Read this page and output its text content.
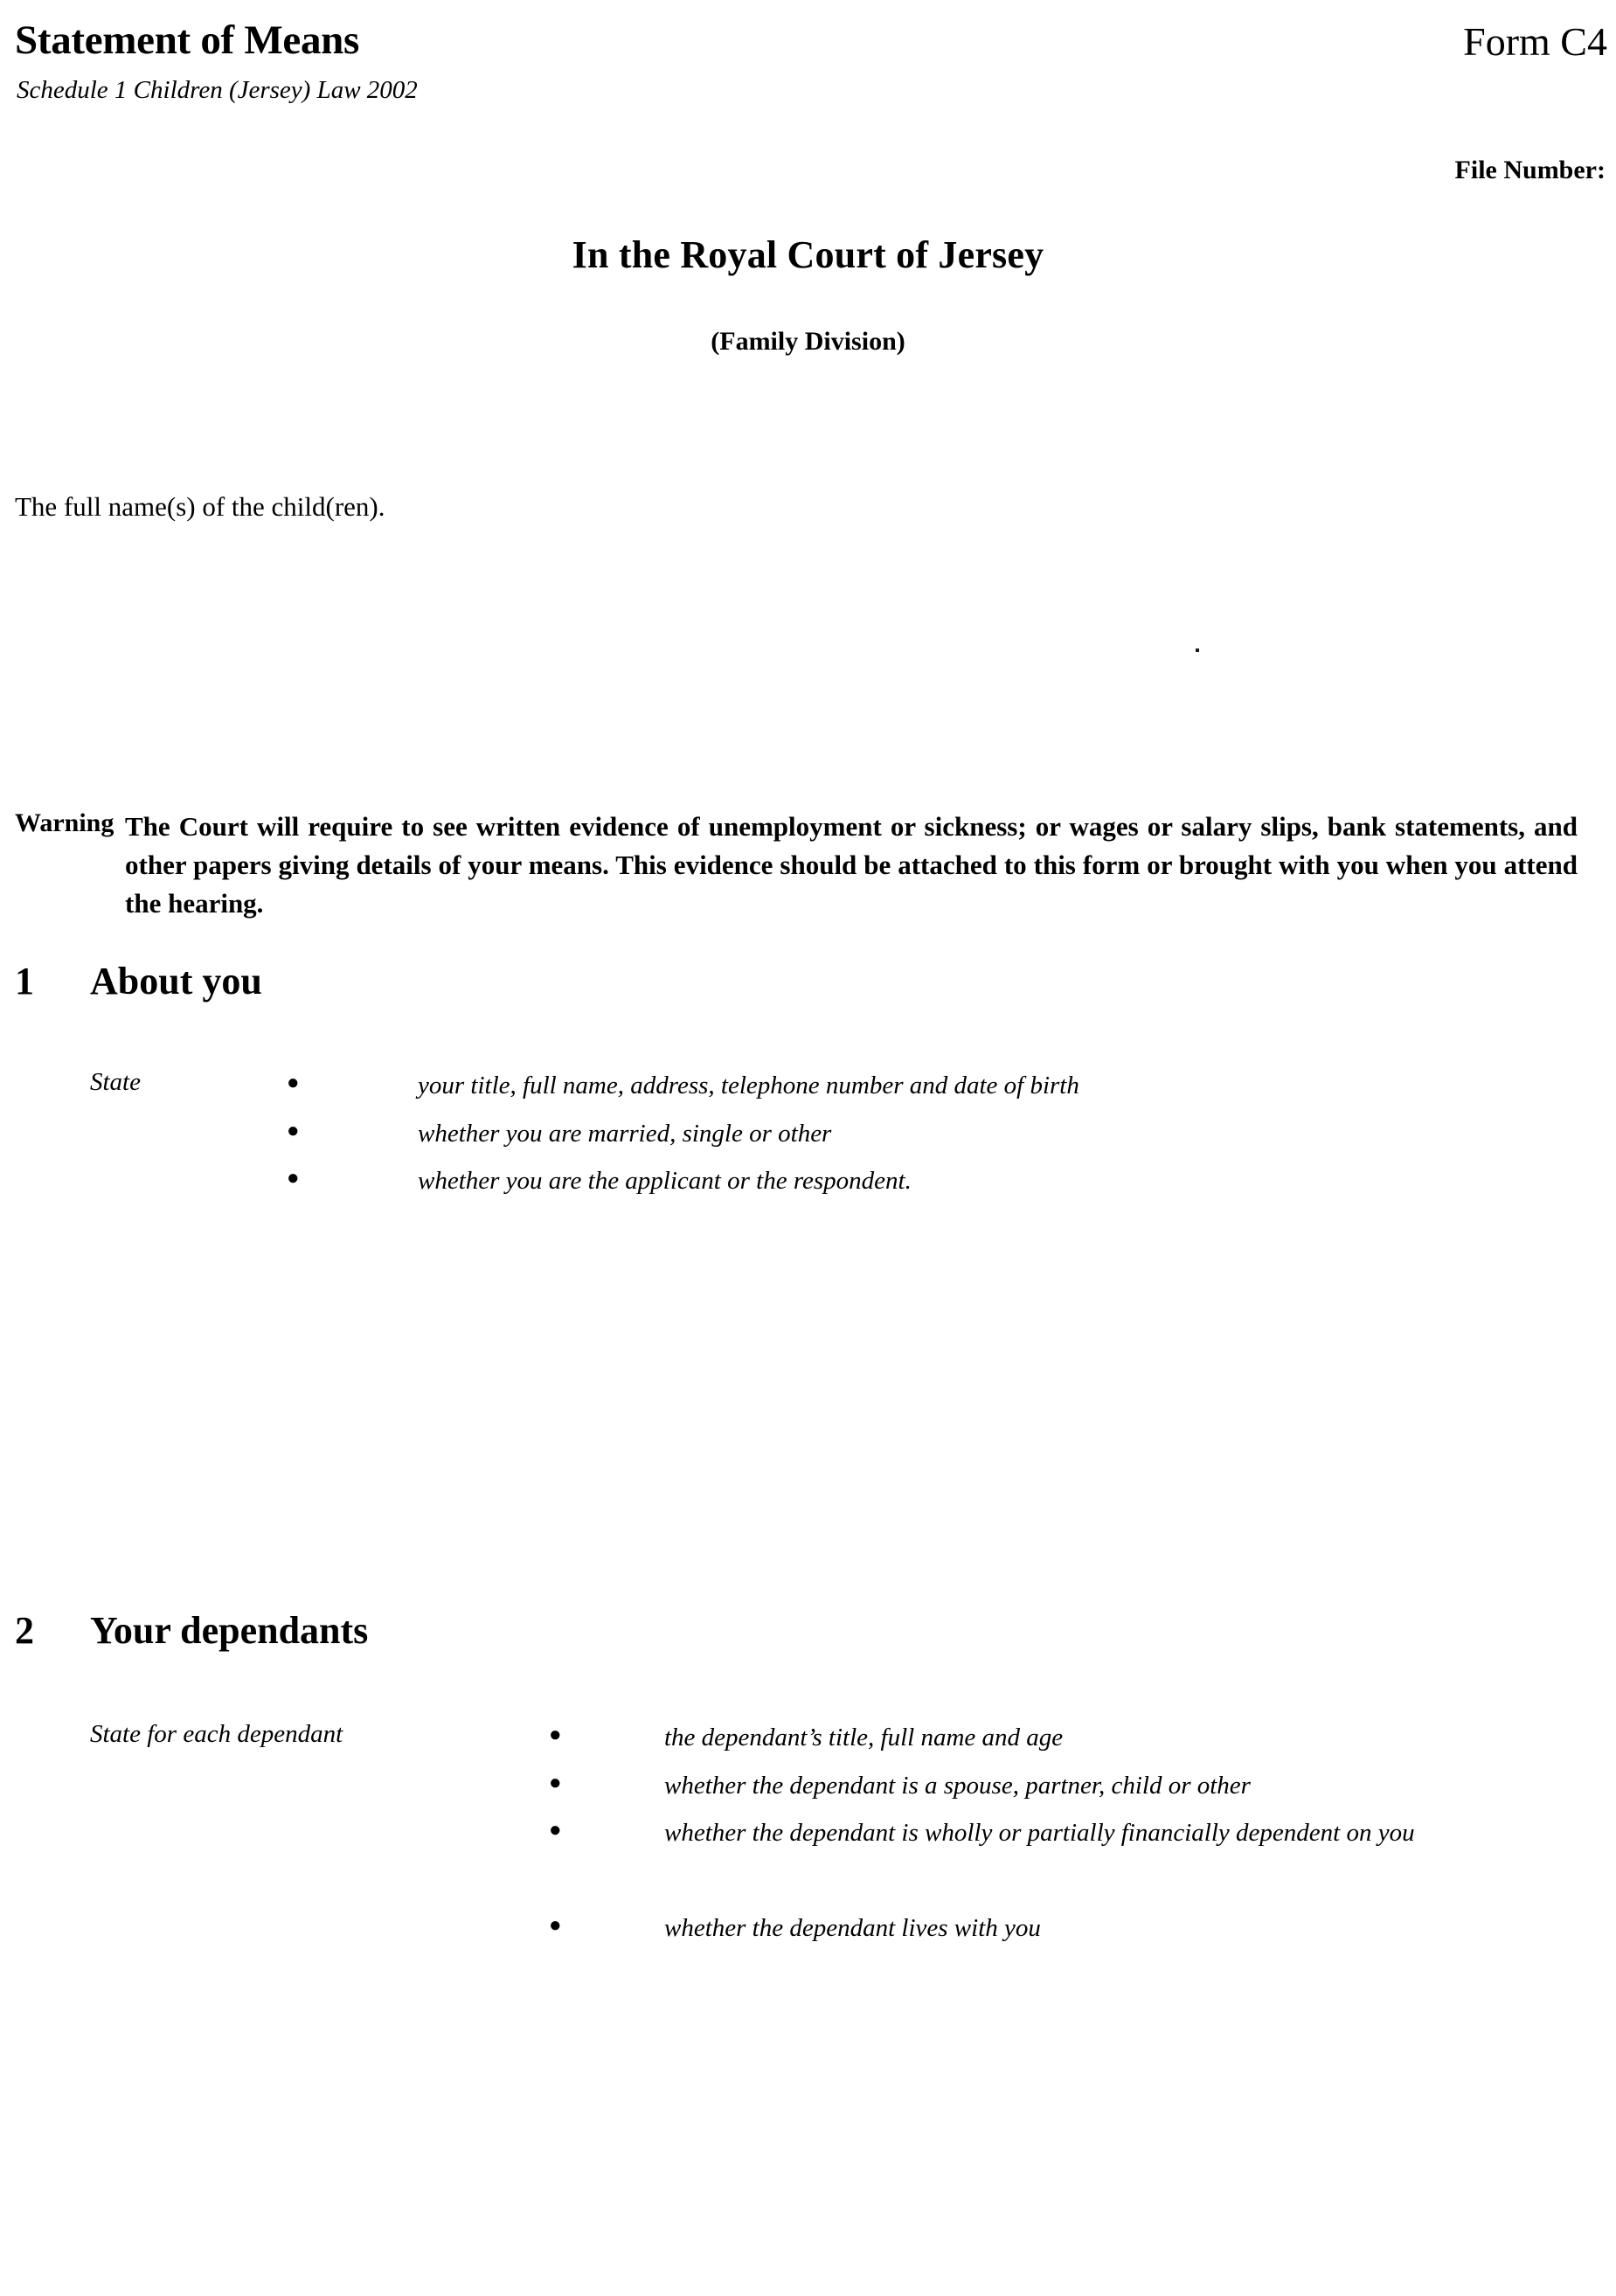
Statement of Means
Schedule 1 Children (Jersey) Law 2002
Form C4
File Number:
In the Royal Court of Jersey
(Family Division)
The full name(s) of the child(ren).
Warning The Court will require to see written evidence of unemployment or sickness; or wages or salary slips, bank statements, and other papers giving details of your means. This evidence should be attached to this form or brought with you when you attend the hearing.
1 About you
State	●	your title, full name, address, telephone number and date of birth
●	whether you are married, single or other
●	whether you are the applicant or the respondent.
2 Your dependants
State for each dependant	●	the dependant’s title, full name and age
●	whether the dependant is a spouse, partner, child or other
●	whether the dependant is wholly or partially financially dependent on you
●	whether the dependant lives with you
